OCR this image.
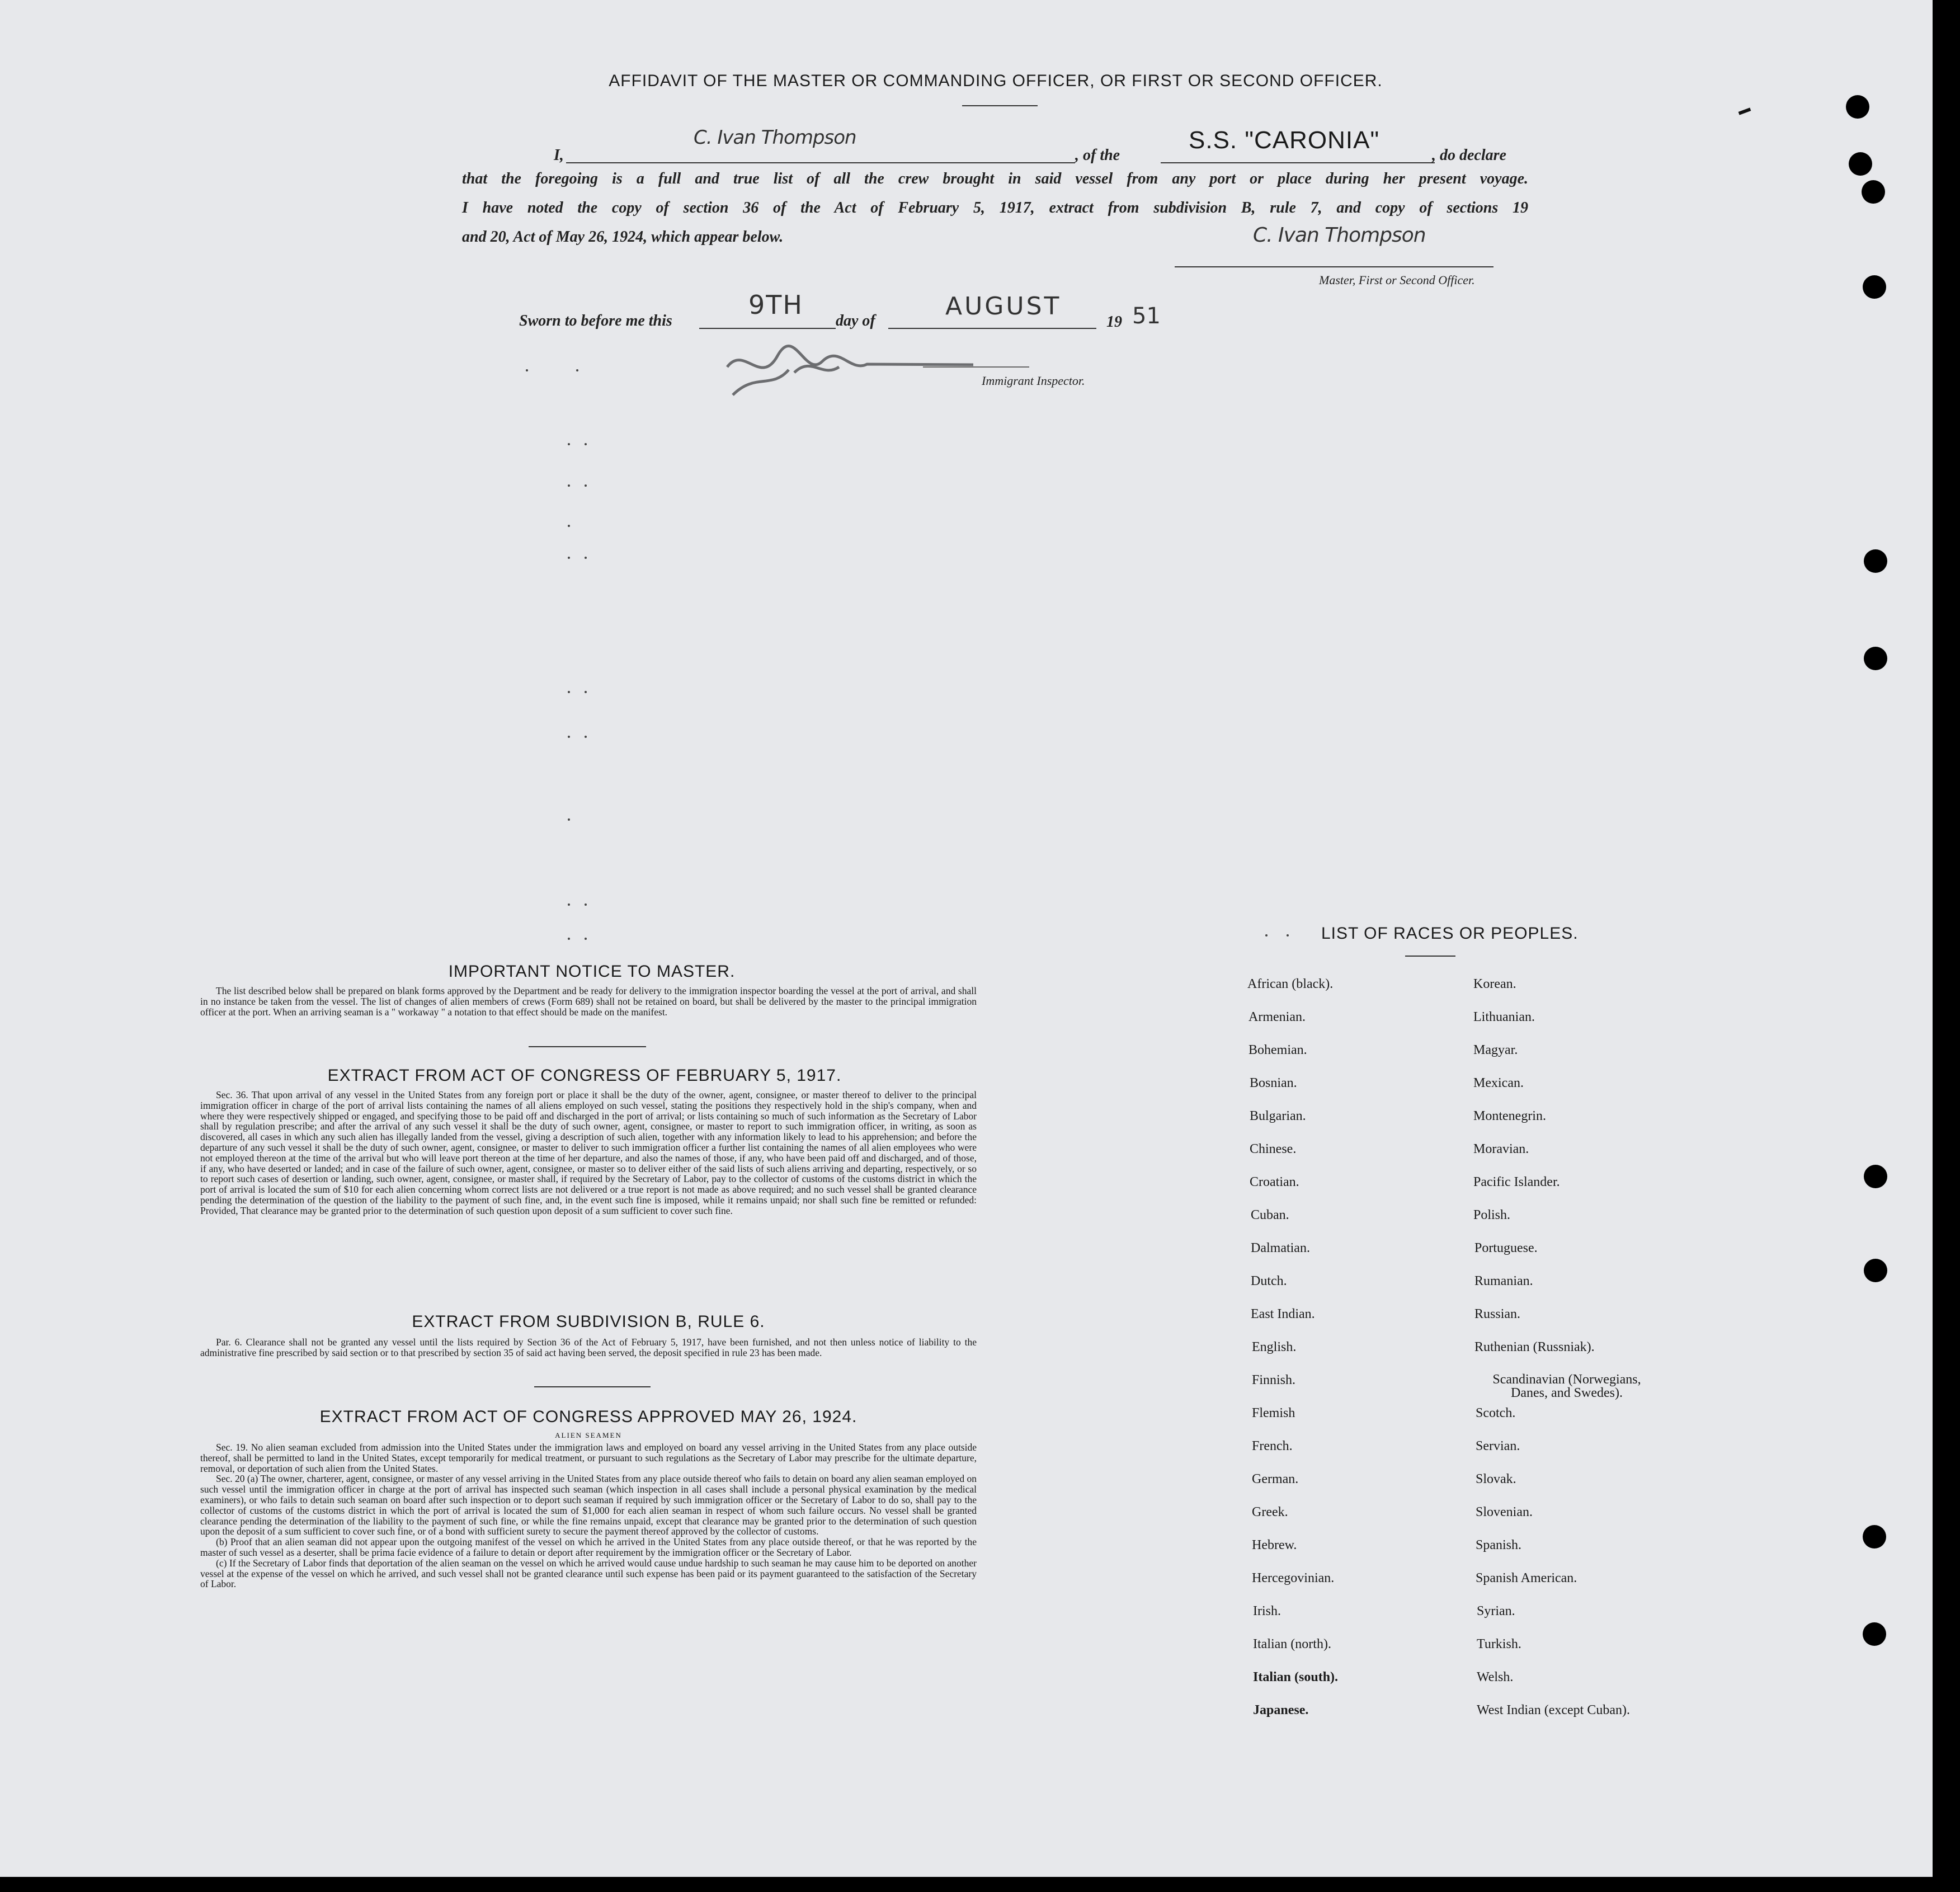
AFFIDAVIT OF THE MASTER OR COMMANDING OFFICER, OR FIRST OR SECOND OFFICER.
I,
C. Ivan Thompson
, of the
S.S. "CARONIA"
, do declare
that the foregoing is a full and true list of all the crew brought in said vessel from any port or place during her present voyage.
I have noted the copy of section 36 of the Act of February 5, 1917, extract from subdivision B, rule 7, and copy of sections 19
and 20, Act of May 26, 1924, which appear below.	C. Ivan Thompson
Master, First or Second Officer.
Sworn to before me this
9TH
day of
AUGUST
19 51
Immigrant Inspector.
IMPORTANT NOTICE TO MASTER.

The list described below shall be prepared on blank forms approved by the Department and be ready for delivery to the immigration inspector boarding the vessel at the port of arrival, and shall in no instance be taken from the vessel. The list of changes of alien members of crews (Form 689) shall not be retained on board, but shall be delivered by the master to the principal immigration officer at the port. When an arriving seaman is a " workaway " a notation to that effect should be made on the manifest.

EXTRACT FROM ACT OF CONGRESS OF FEBRUARY 5, 1917.

Sec. 36. That upon arrival of any vessel in the United States from any foreign port or place it shall be the duty of the owner, agent, consignee, or master thereof to deliver to the principal immigration officer in charge of the port of arrival lists containing the names of all aliens employed on such vessel, stating the positions they respectively hold in the ship's company, when and where they were respectively shipped or engaged, and specifying those to be paid off and discharged in the port of arrival; or lists containing so much of such information as the Secretary of Labor shall by regulation prescribe; and after the arrival of any such vessel it shall be the duty of such owner, agent, consignee, or master to report to such immigration officer, in writing, as soon as discovered, all cases in which any such alien has illegally landed from the vessel, giving a description of such alien, together with any information likely to lead to his apprehension; and before the departure of any such vessel it shall be the duty of such owner, agent, consignee, or master to deliver to such immigration officer a further list containing the names of all alien employees who were not employed thereon at the time of the arrival but who will leave port thereon at the time of her departure, and also the names of those, if any, who have been paid off and discharged, and of those, if any, who have deserted or landed; and in case of the failure of such owner, agent, consignee, or master so to deliver either of the said lists of such aliens arriving and departing, respectively, or so to report such cases of desertion or landing, such owner, agent, consignee, or master shall, if required by the Secretary of Labor, pay to the collector of customs of the customs district in which the port of arrival is located the sum of $10 for each alien concerning whom correct lists are not delivered or a true report is not made as above required; and no such vessel shall be granted clearance pending the determination of the question of the liability to the payment of such fine, and, in the event such fine is imposed, while it remains unpaid; nor shall such fine be remitted or refunded: Provided, That clearance may be granted prior to the determination of such question upon deposit of a sum sufficient to cover such fine.

EXTRACT FROM SUBDIVISION B, RULE 6.

Par. 6. Clearance shall not be granted any vessel until the lists required by Section 36 of the Act of February 5, 1917, have been furnished, and not then unless notice of liability to the administrative fine prescribed by said section or to that prescribed by section 35 of said act having been served, the deposit specified in rule 23 has been made.

EXTRACT FROM ACT OF CONGRESS APPROVED MAY 26, 1924.
ALIEN SEAMEN

Sec. 19. No alien seaman excluded from admission into the United States under the immigration laws and employed on board any vessel arriving in the United States from any place outside thereof, shall be permitted to land in the United States, except temporarily for medical treatment, or pursuant to such regulations as the Secretary of Labor may prescribe for the ultimate departure, removal, or deportation of such alien from the United States.

Sec. 20 (a) The owner, charterer, agent, consignee, or master of any vessel arriving in the United States from any place outside thereof who fails to detain on board any alien seaman employed on such vessel until the immigration officer in charge at the port of arrival has inspected such seaman (which inspection in all cases shall include a personal physical examination by the medical examiners), or who fails to detain such seaman on board after such inspection or to deport such seaman if required by such immigration officer or the Secretary of Labor to do so, shall pay to the collector of customs of the customs district in which the port of arrival is located the sum of $1,000 for each alien seaman in respect of whom such failure occurs. No vessel shall be granted clearance pending the determination of the liability to the payment of such fine, or while the fine remains unpaid, except that clearance may be granted prior to the determination of such question upon the deposit of a sum sufficient to cover such fine, or of a bond with sufficient surety to secure the payment thereof approved by the collector of customs.

(b) Proof that an alien seaman did not appear upon the outgoing manifest of the vessel on which he arrived in the United States from any place outside thereof, or that he was reported by the master of such vessel as a deserter, shall be prima facie evidence of a failure to detain or deport after requirement by the immigration officer or the Secretary of Labor.

(c) If the Secretary of Labor finds that deportation of the alien seaman on the vessel on which he arrived would cause undue hardship to such seaman he may cause him to be deported on another vessel at the expense of the vessel on which he arrived, and such vessel shall not be granted clearance until such expense has been paid or its payment guaranteed to the satisfaction of the Secretary of Labor.

LIST OF RACES OR PEOPLES.
African (black).
Armenian.
Bohemian.
Bosnian.
Bulgarian.
Chinese.
Croatian.
Cuban.
Dalmatian.
Dutch.
East Indian.
English.
Finnish.
Flemish
French.
German.
Greek.
Hebrew.
Hercegovinian.
Irish.
Italian (north).
Italian (south).
Japanese.
Korean.
Lithuanian.
Magyar.
Mexican.
Montenegrin.
Moravian.
Pacific Islander.
Polish.
Portuguese.
Rumanian.
Russian.
Ruthenian (Russniak).
Scandinavian (Norwegians, Danes, and Swedes).
Scotch.
Servian.
Slovak.
Slovenian.
Spanish.
Spanish American.
Syrian.
Turkish.
Welsh.
West Indian (except Cuban).
